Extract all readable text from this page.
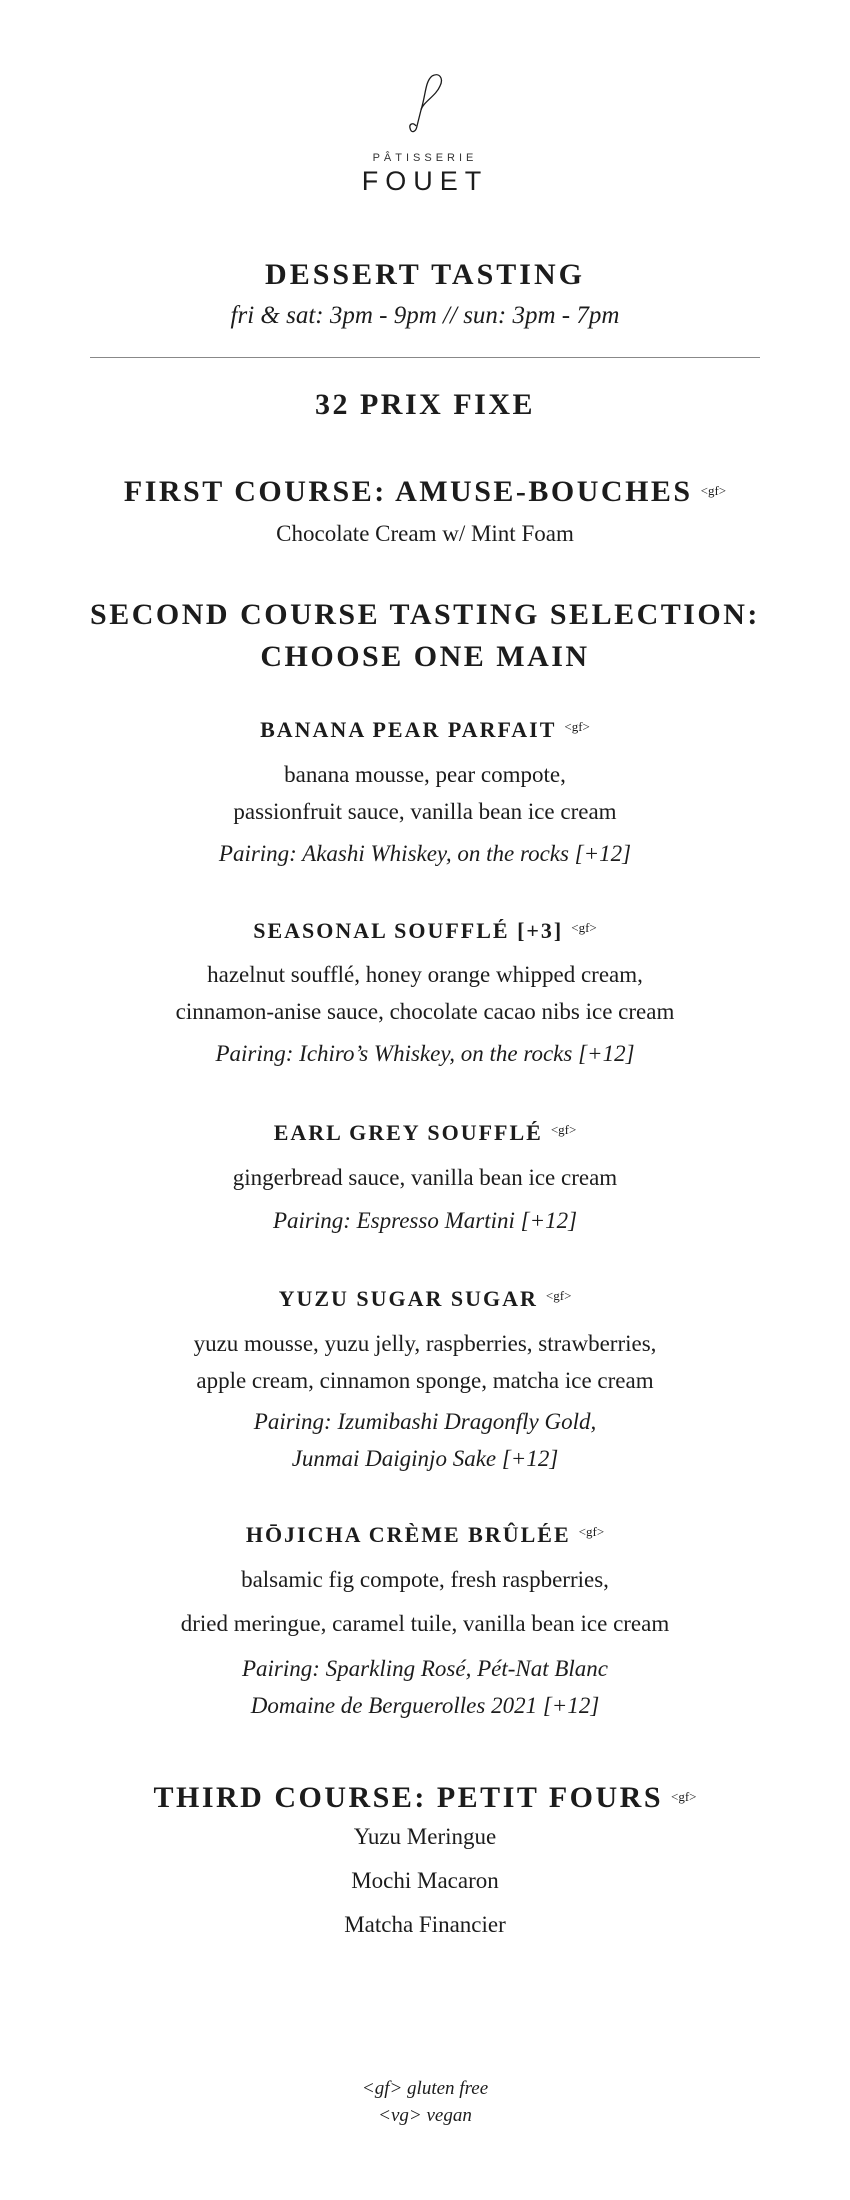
PÂTISSERIE
FOUET
DESSERT TASTING
fri & sat: 3pm - 9pm // sun: 3pm - 7pm
32 PRIX FIXE
FIRST COURSE: AMUSE-BOUCHES $^{<gf>}$
Chocolate Cream w/ Mint Foam
SECOND COURSE TASTING SELECTION:
CHOOSE ONE MAIN
BANANA PEAR PARFAIT $^{<gf>}$
banana mousse, pear compote,
passionfruit sauce, vanilla bean ice cream
Pairing: Akashi Whiskey, on the rocks [+12]
SEASONAL SOUFFLÉ [+3] $^{<gf>}$
hazelnut soufflé, honey orange whipped cream,
cinnamon-anise sauce, chocolate cacao nibs ice cream
Pairing: Ichiro’s Whiskey, on the rocks [+12]
EARL GREY SOUFFLÉ $^{<gf>}$
gingerbread sauce, vanilla bean ice cream
Pairing: Espresso Martini [+12]
YUZU SUGAR SUGAR $^{<gf>}$
yuzu mousse, yuzu jelly, raspberries, strawberries,
apple cream, cinnamon sponge, matcha ice cream
Pairing: Izumibashi Dragonfly Gold,
Junmai Daiginjo Sake [+12]
HŌJICHA CRÈME BRÛLÉE $^{<gf>}$
balsamic fig compote, fresh raspberries,
dried meringue, caramel tuile, vanilla bean ice cream
Pairing: Sparkling Rosé, Pét-Nat Blanc
Domaine de Berguerolles 2021 [+12]
THIRD COURSE: PETIT FOURS $^{<gf>}$
Yuzu Meringue
Mochi Macaron
Matcha Financier
<gf> gluten free
<vg> vegan
